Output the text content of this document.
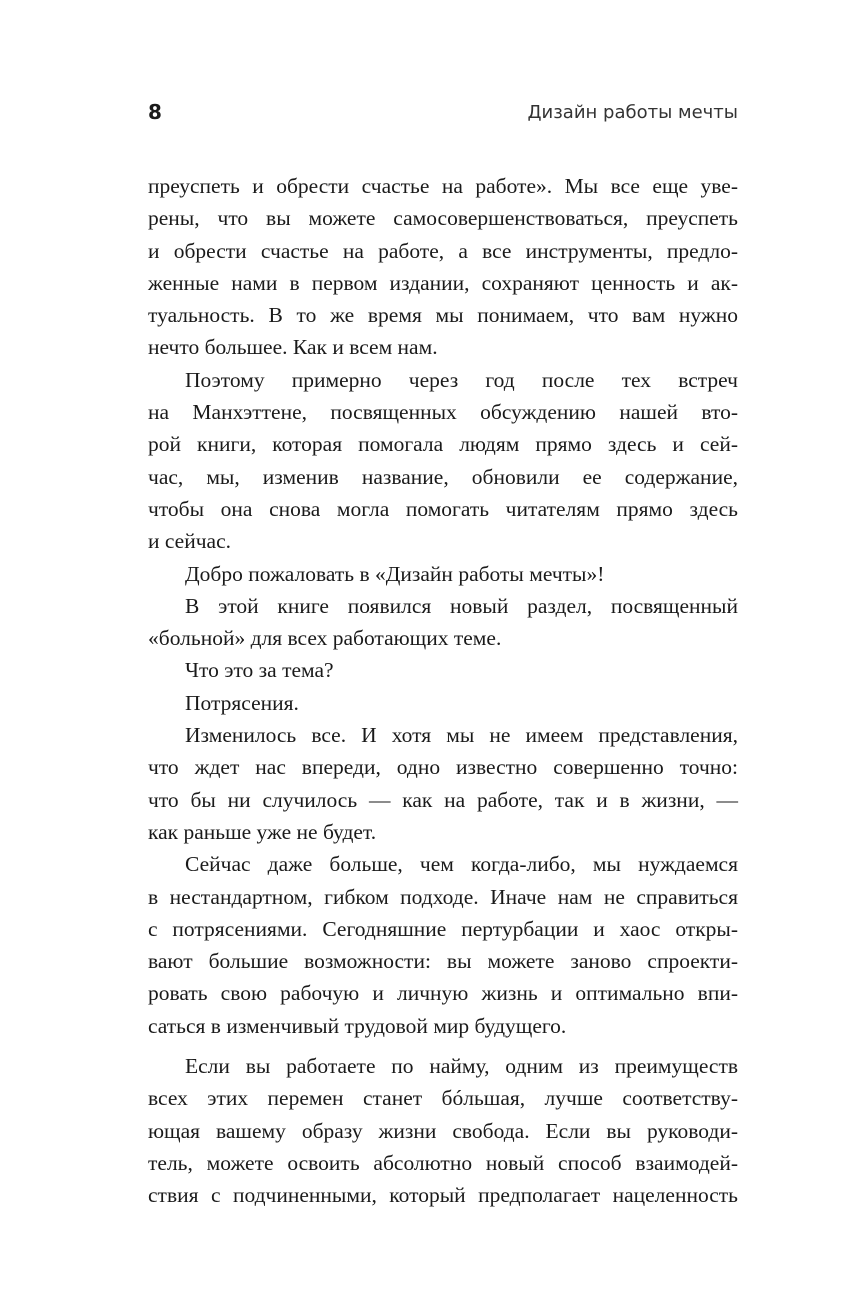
8	Дизайн работы мечты
преуспеть и обрести счастье на работе». Мы все еще уве-
рены, что вы можете самосовершенствоваться, преуспеть
и обрести счастье на работе, а все инструменты, предло-
женные нами в первом издании, сохраняют ценность и ак-
туальность. В то же время мы понимаем, что вам нужно
нечто большее. Как и всем нам.
Поэтому примерно через год после тех встреч
на Манхэттене, посвященных обсуждению нашей вто-
рой книги, которая помогала людям прямо здесь и сей-
час, мы, изменив название, обновили ее содержание,
чтобы она снова могла помогать читателям прямо здесь
и сейчас.
Добро пожаловать в «Дизайн работы мечты»!
В этой книге появился новый раздел, посвященный
«больной» для всех работающих теме.
Что это за тема?
Потрясения.
Изменилось все. И хотя мы не имеем представления,
что ждет нас впереди, одно известно совершенно точно:
что бы ни случилось — как на работе, так и в жизни, —
как раньше уже не будет.
Сейчас даже больше, чем когда-либо, мы нуждаемся
в нестандартном, гибком подходе. Иначе нам не справиться
с потрясениями. Сегодняшние пертурбации и хаос откры-
вают большие возможности: вы можете заново спроекти-
ровать свою рабочую и личную жизнь и оптимально впи-
саться в изменчивый трудовой мир будущего.
Если вы работаете по найму, одним из преимуществ
всех этих перемен станет бóльшая, лучше соответству-
ющая вашему образу жизни свобода. Если вы руководи-
тель, можете освоить абсолютно новый способ взаимодей-
ствия с подчиненными, который предполагает нацеленность
